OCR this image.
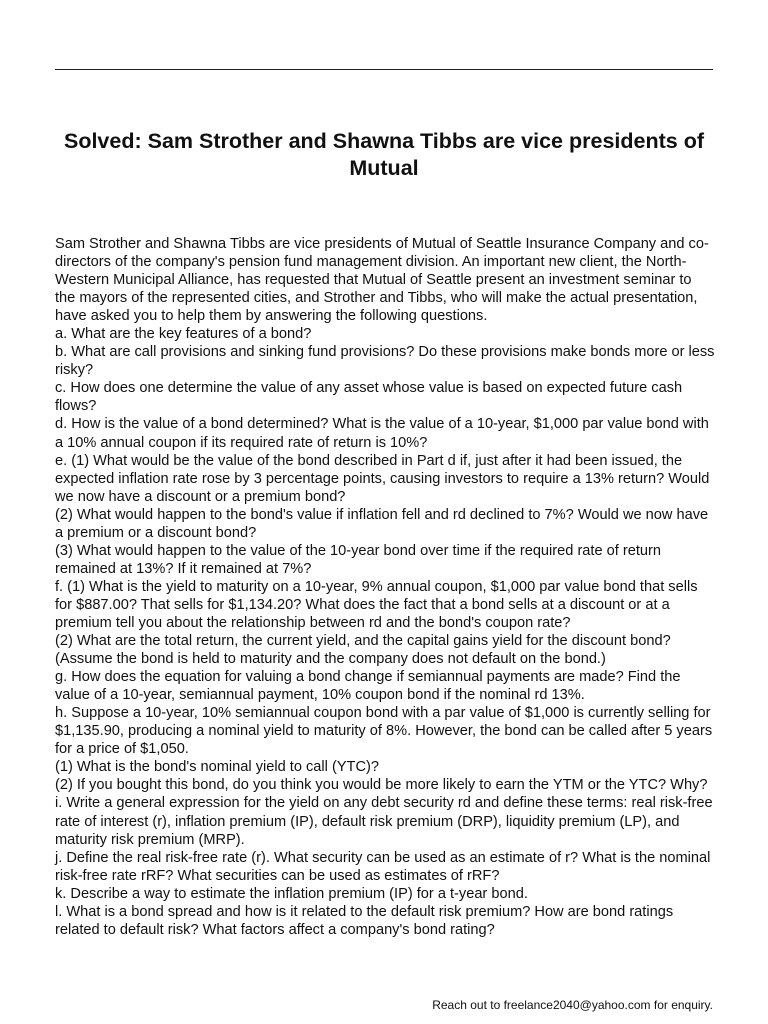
Solved: Sam Strother and Shawna Tibbs are vice presidents of Mutual

Sam Strother and Shawna Tibbs are vice presidents of Mutual of Seattle Insurance Company and co-directors of the company's pension fund management division. An important new client, the North-Western Municipal Alliance, has requested that Mutual of Seattle present an investment seminar to the mayors of the represented cities, and Strother and Tibbs, who will make the actual presentation, have asked you to help them by answering the following questions.

a. What are the key features of a bond?

b. What are call provisions and sinking fund provisions? Do these provisions make bonds more or less risky?

c. How does one determine the value of any asset whose value is based on expected future cash flows?

d. How is the value of a bond determined? What is the value of a 10-year, $1,000 par value bond with a 10% annual coupon if its required rate of return is 10%?

e. (1) What would be the value of the bond described in Part d if, just after it had been issued, the expected inflation rate rose by 3 percentage points, causing investors to require a 13% return? Would we now have a discount or a premium bond?

(2) What would happen to the bond's value if inflation fell and rd declined to 7%? Would we now have a premium or a discount bond?

(3) What would happen to the value of the 10-year bond over time if the required rate of return remained at 13%? If it remained at 7%?

f. (1) What is the yield to maturity on a 10-year, 9% annual coupon, $1,000 par value bond that sells for $887.00? That sells for $1,134.20? What does the fact that a bond sells at a discount or at a premium tell you about the relationship between rd and the bond's coupon rate?

(2) What are the total return, the current yield, and the capital gains yield for the discount bond? (Assume the bond is held to maturity and the company does not default on the bond.)

g. How does the equation for valuing a bond change if semiannual payments are made? Find the value of a 10-year, semiannual payment, 10% coupon bond if the nominal rd 13%.

h. Suppose a 10-year, 10% semiannual coupon bond with a par value of $1,000 is currently selling for $1,135.90, producing a nominal yield to maturity of 8%. However, the bond can be called after 5 years for a price of $1,050.

(1) What is the bond's nominal yield to call (YTC)?

(2) If you bought this bond, do you think you would be more likely to earn the YTM or the YTC? Why?

i. Write a general expression for the yield on any debt security rd and define these terms: real risk-free rate of interest (r), inflation premium (IP), default risk premium (DRP), liquidity premium (LP), and maturity risk premium (MRP).

j. Define the real risk-free rate (r). What security can be used as an estimate of r? What is the nominal risk-free rate rRF? What securities can be used as estimates of rRF?

k. Describe a way to estimate the inflation premium (IP) for a t-year bond.

l. What is a bond spread and how is it related to the default risk premium? How are bond ratings related to default risk? What factors affect a company's bond rating?

Reach out to freelance2040@yahoo.com for enquiry.
